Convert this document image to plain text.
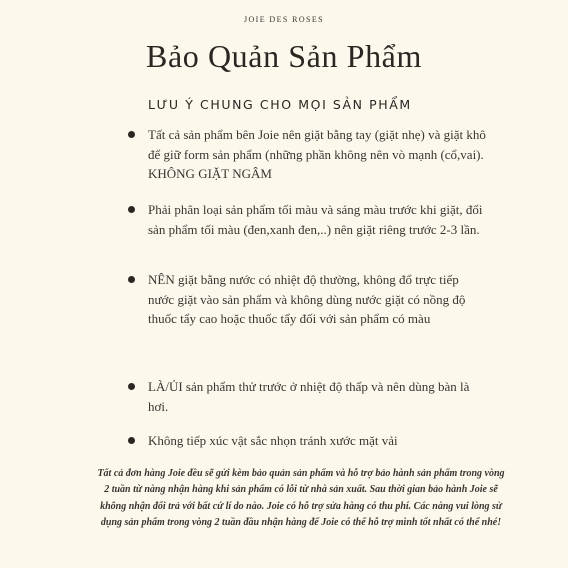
JOIE DES ROSES
Bảo Quản Sản Phẩm
LƯU Ý CHUNG CHO MỌI SẢN PHẨM
Tất cả sản phẩm bên Joie nên giặt bằng tay (giặt nhẹ) và giặt khô để giữ form sản phẩm (những phần không nên vò mạnh (cổ,vai). KHÔNG GIẶT NGÂM
Phải phân loại sản phẩm tối màu và sáng màu trước khi giặt, đối sản phẩm tối màu (đen,xanh đen,..) nên giặt riêng trước 2-3 lần.
NÊN giặt bằng nước có nhiệt độ thường, không đổ trực tiếp nước giặt vào sản phẩm và không dùng nước giặt có nồng độ thuốc tẩy cao hoặc thuốc tẩy đối với sản phẩm có màu
LÀ/ỦI sản phẩm thử trước ở nhiệt độ thấp và nên dùng bàn là hơi.
Không tiếp xúc vật sắc nhọn tránh xước mặt vải
Tất cả đơn hàng Joie đều sẽ gửi kèm bảo quản sản phẩm và hỗ trợ bảo hành sản phẩm trong vòng 2 tuần từ nàng nhận hàng khi sản phẩm có lỗi từ nhà sản xuất. Sau thời gian bảo hành Joie sẽ không nhận đổi trả với bất cứ lí do nào. Joie có hỗ trợ sửa hàng có thu phí. Các nàng vui lòng sử dụng sản phẩm trong vòng 2 tuần đầu nhận hàng để Joie có thể hỗ trợ mình tốt nhất có thể nhé!
